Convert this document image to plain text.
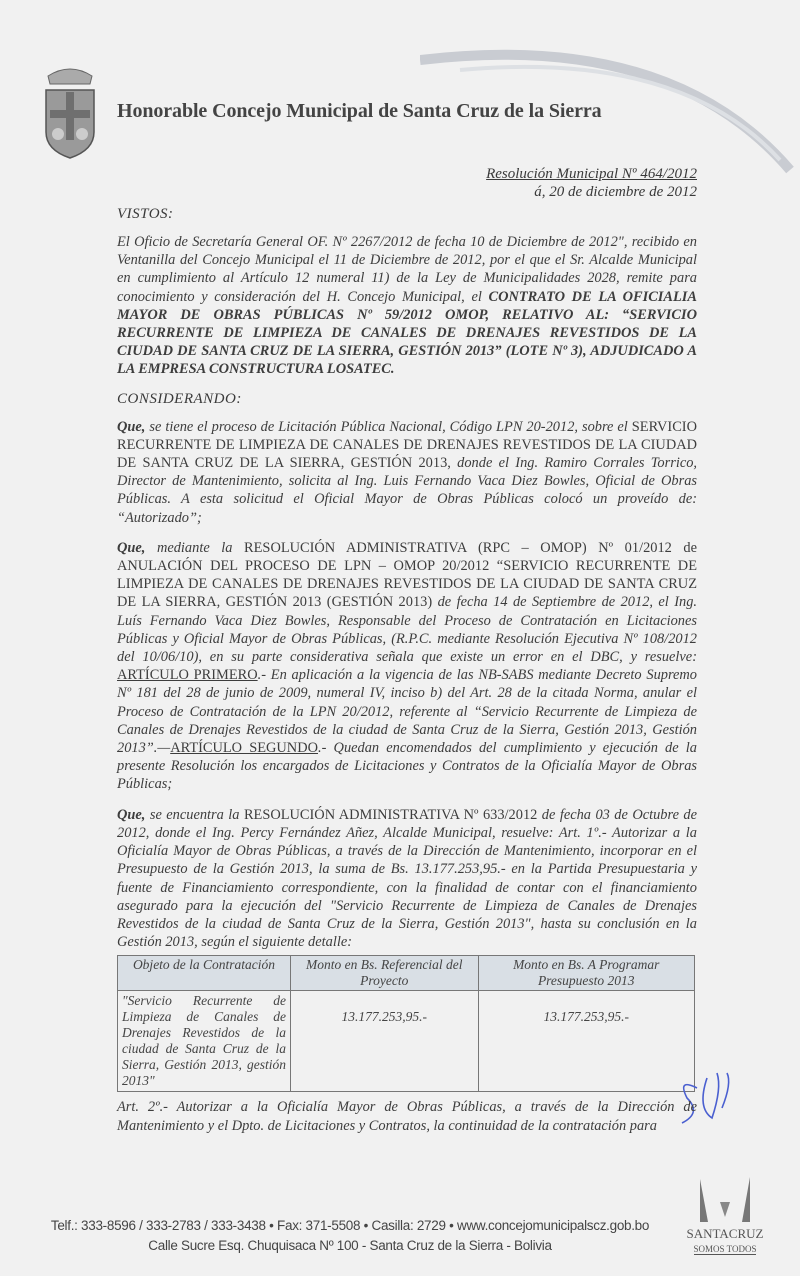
Honorable Concejo Municipal de Santa Cruz de la Sierra
Resolución Municipal Nº 464/2012
á, 20 de diciembre de 2012
VISTOS:
El Oficio de Secretaría General OF. Nº 2267/2012 de fecha 10 de Diciembre de 2012", recibido en Ventanilla del Concejo Municipal el 11 de Diciembre de 2012, por el que el Sr. Alcalde Municipal en cumplimiento al Artículo 12 numeral 11) de la Ley de Municipalidades 2028, remite para conocimiento y consideración del H. Concejo Municipal, el CONTRATO DE LA OFICIALIA MAYOR DE OBRAS PÚBLICAS Nº 59/2012 OMOP, RELATIVO AL: “SERVICIO RECURRENTE DE LIMPIEZA DE CANALES DE DRENAJES REVESTIDOS DE LA CIUDAD DE SANTA CRUZ DE LA SIERRA, GESTIÓN 2013” (LOTE Nº 3), ADJUDICADO A LA EMPRESA CONSTRUCTURA LOSATEC.
CONSIDERANDO:
Que, se tiene el proceso de Licitación Pública Nacional, Código LPN 20-2012, sobre el SERVICIO RECURRENTE DE LIMPIEZA DE CANALES DE DRENAJES REVESTIDOS DE LA CIUDAD DE SANTA CRUZ DE LA SIERRA, GESTIÓN 2013, donde el Ing. Ramiro Corrales Torrico, Director de Mantenimiento, solicita al Ing. Luis Fernando Vaca Diez Bowles, Oficial de Obras Públicas. A esta solicitud el Oficial Mayor de Obras Públicas colocó un proveído de: “Autorizado”;
Que, mediante la RESOLUCIÓN ADMINISTRATIVA (RPC – OMOP) Nº 01/2012 de ANULACIÓN DEL PROCESO DE LPN – OMOP 20/2012 “SERVICIO RECURRENTE DE LIMPIEZA DE CANALES DE DRENAJES REVESTIDOS DE LA CIUDAD DE SANTA CRUZ DE LA SIERRA, GESTIÓN 2013 (GESTIÓN 2013) de fecha 14 de Septiembre de 2012, el Ing. Luís Fernando Vaca Diez Bowles, Responsable del Proceso de Contratación en Licitaciones Públicas y Oficial Mayor de Obras Públicas, (R.P.C. mediante Resolución Ejecutiva Nº 108/2012 del 10/06/10), en su parte considerativa señala que existe un error en el DBC, y resuelve: ARTÍCULO PRIMERO.- En aplicación a la vigencia de las NB-SABS mediante Decreto Supremo Nº 181 del 28 de junio de 2009, numeral IV, inciso b) del Art. 28 de la citada Norma, anular el Proceso de Contratación de la LPN 20/2012, referente al “Servicio Recurrente de Limpieza de Canales de Drenajes Revestidos de la ciudad de Santa Cruz de la Sierra, Gestión 2013, Gestión 2013”.—ARTÍCULO SEGUNDO.- Quedan encomendados del cumplimiento y ejecución de la presente Resolución los encargados de Licitaciones y Contratos de la Oficialía Mayor de Obras Públicas;
Que, se encuentra la RESOLUCIÓN ADMINISTRATIVA Nº 633/2012 de fecha 03 de Octubre de 2012, donde el Ing. Percy Fernández Añez, Alcalde Municipal, resuelve: Art. 1º.- Autorizar a la Oficialía Mayor de Obras Públicas, a través de la Dirección de Mantenimiento, incorporar en el Presupuesto de la Gestión 2013, la suma de Bs. 13.177.253,95.- en la Partida Presupuestaria y fuente de Financiamiento correspondiente, con la finalidad de contar con el financiamiento asegurado para la ejecución del "Servicio Recurrente de Limpieza de Canales de Drenajes Revestidos de la ciudad de Santa Cruz de la Sierra, Gestión 2013", hasta su conclusión en la Gestión 2013, según el siguiente detalle:
Objeto de la Contratación	Monto en Bs. Referencial del Proyecto	Monto en Bs. A Programar Presupuesto 2013
"Servicio Recurrente de Limpieza de Canales de Drenajes Revestidos de la ciudad de Santa Cruz de la Sierra, Gestión 2013, gestión 2013"	13.177.253,95.-	13.177.253,95.-
Art. 2º.- Autorizar a la Oficialía Mayor de Obras Públicas, a través de la Dirección de Mantenimiento y el Dpto. de Licitaciones y Contratos, la continuidad de la contratación para
Telf.: 333-8596 / 333-2783 / 333-3438 • Fax: 371-5508 • Casilla: 2729 • www.concejomunicipalscz.gob.bo
Calle Sucre Esq. Chuquisaca Nº 100 - Santa Cruz de la Sierra - Bolivia
SANTACRUZ
SOMOS TODOS
